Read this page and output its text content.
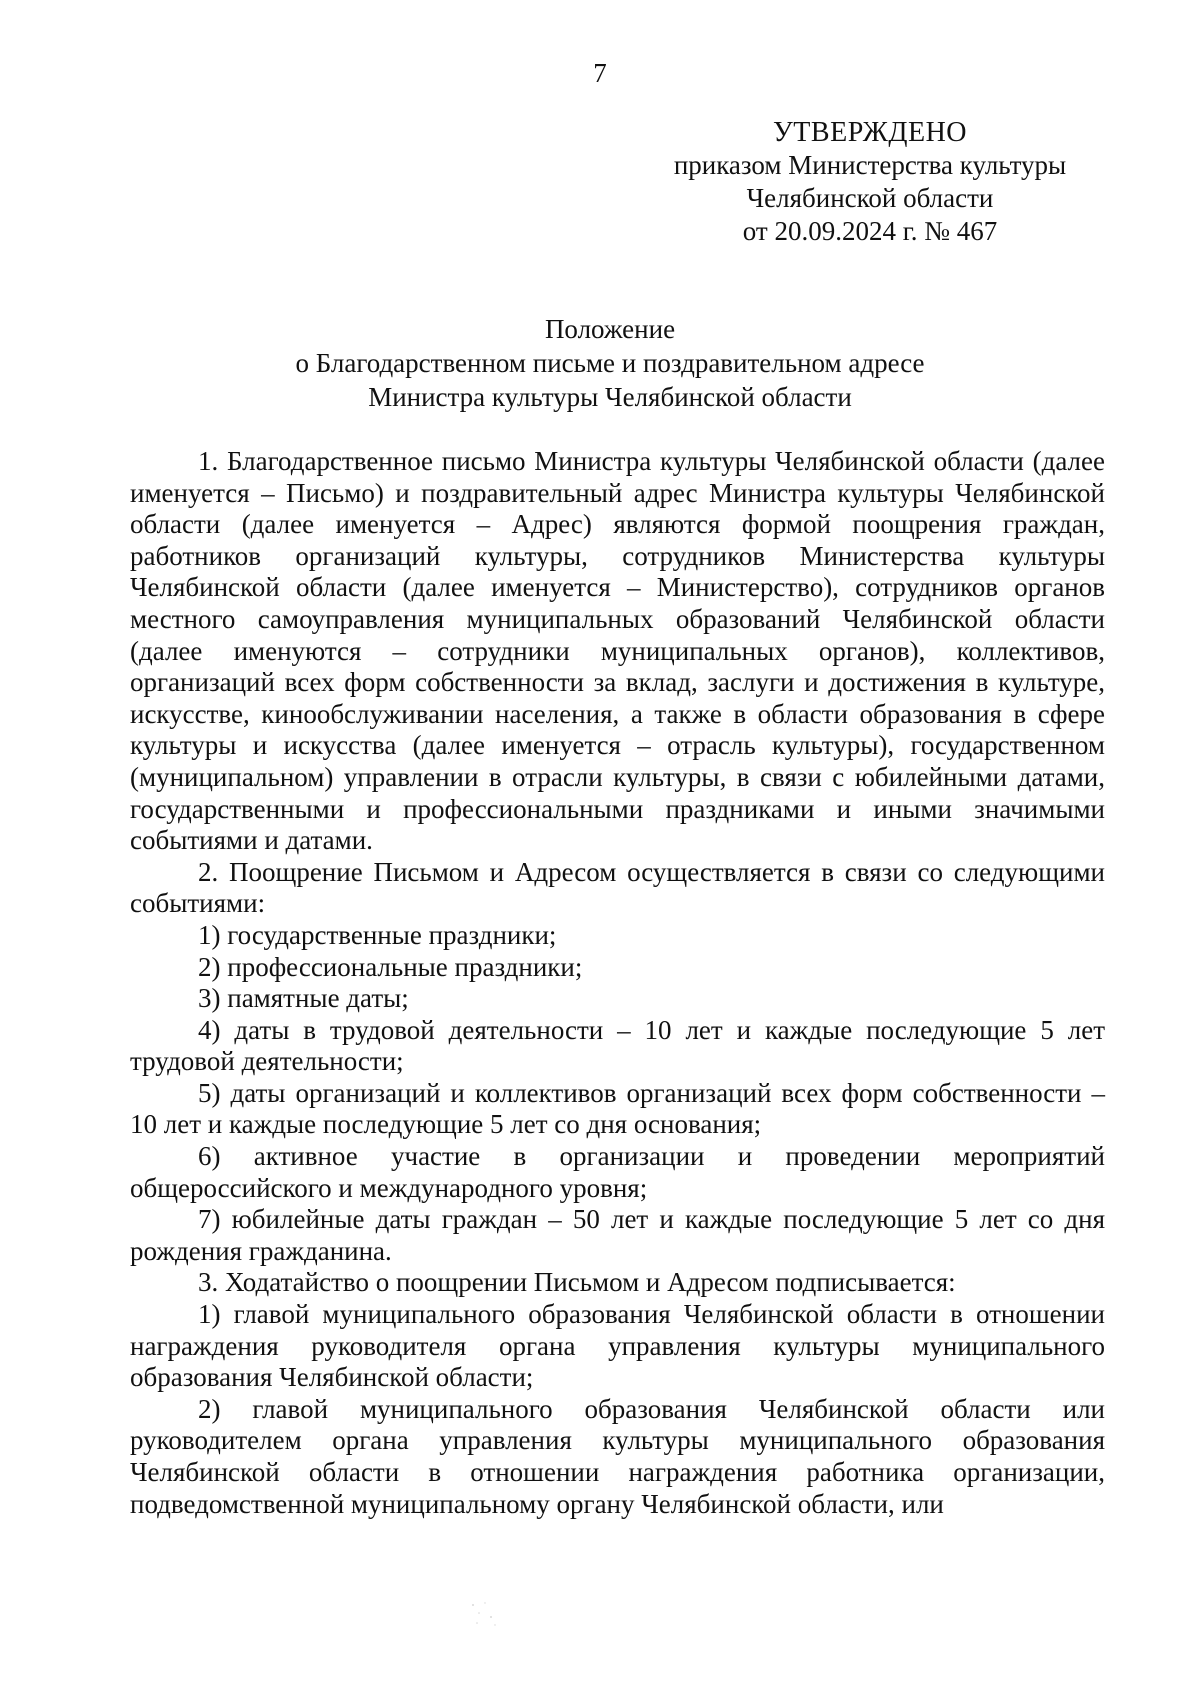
7
УТВЕРЖДЕНО
приказом Министерства культуры
Челябинской области
от 20.09.2024 г. № 467
Положение
о Благодарственном письме и поздравительном адресе
Министра культуры Челябинской области

1. Благодарственное письмо Министра культуры Челябинской области (далее именуется – Письмо) и поздравительный адрес Министра культуры Челябинской области (далее именуется – Адрес) являются формой поощрения граждан, работников организаций культуры, сотрудников Министерства культуры Челябинской области (далее именуется – Министерство), сотрудников органов местного самоуправления муниципальных образований Челябинской области (далее именуются – сотрудники муниципальных органов), коллективов, организаций всех форм собственности за вклад, заслуги и достижения в культуре, искусстве, кинообслуживании населения, а также в области образования в сфере культуры и искусства (далее именуется – отрасль культуры), государственном (муниципальном) управлении в отрасли культуры, в связи с юбилейными датами, государственными и профессиональными праздниками и иными значимыми событиями и датами.

2. Поощрение Письмом и Адресом осуществляется в связи со следующими событиями:

1) государственные праздники;

2) профессиональные праздники;

3) памятные даты;

4) даты в трудовой деятельности – 10 лет и каждые последующие 5 лет трудовой деятельности;

5) даты организаций и коллективов организаций всех форм собственности – 10 лет и каждые последующие 5 лет со дня основания;

6) активное участие в организации и проведении мероприятий общероссийского и международного уровня;

7) юбилейные даты граждан – 50 лет и каждые последующие 5 лет со дня рождения гражданина.

3. Ходатайство о поощрении Письмом и Адресом подписывается:

1) главой муниципального образования Челябинской области в отношении награждения руководителя органа управления культуры муниципального образования Челябинской области;

2) главой муниципального образования Челябинской области или руководителем органа управления культуры муниципального образования Челябинской области в отношении награждения работника организации, подведомственной муниципальному органу Челябинской области, или
